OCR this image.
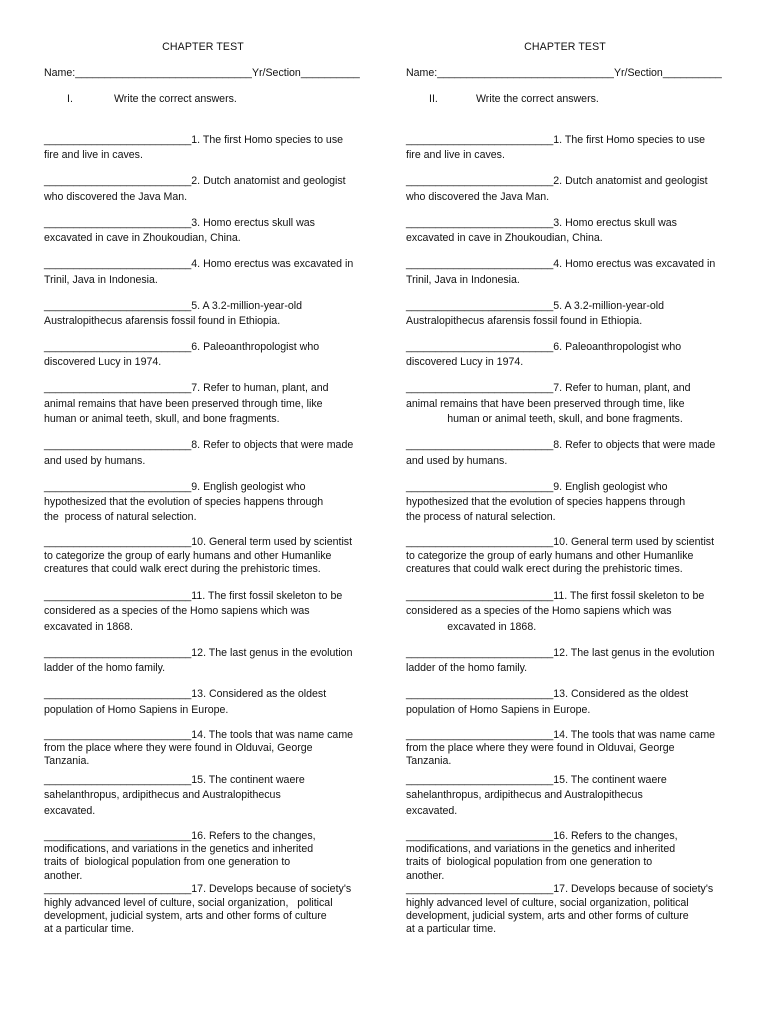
CHAPTER TEST
Name:______________________________Yr/Section__________
I.	Write the correct answers.

_________________________1. The first Homo species to use
fire and live in caves.

_________________________2. Dutch anatomist and geologist
who discovered the Java Man.

_________________________3. Homo erectus skull was
excavated in cave in Zhoukoudian, China.

_________________________4. Homo erectus was excavated in
Trinil, Java in Indonesia.

_________________________5. A 3.2-million-year-old
Australopithecus afarensis fossil found in Ethiopia.

_________________________6. Paleoanthropologist who
discovered Lucy in 1974.

_________________________7. Refer to human, plant, and
animal remains that have been preserved through time, like
human or animal teeth, skull, and bone fragments.

_________________________8. Refer to objects that were made
and used by humans.

_________________________9. English geologist who
hypothesized that the evolution of species happens through
the  process of natural selection.

_________________________10. General term used by scientist
to categorize the group of early humans and other Humanlike
creatures that could walk erect during the prehistoric times.

_________________________11. The first fossil skeleton to be
considered as a species of the Homo sapiens which was
excavated in 1868.

_________________________12. The last genus in the evolution
ladder of the homo family.

_________________________13. Considered as the oldest
population of Homo Sapiens in Europe.

_________________________14. The tools that was name came
from the place where they were found in Olduvai, George
Tanzania.

_________________________15. The continent waere
sahelanthropus, ardipithecus and Australopithecus
excavated.

_________________________16. Refers to the changes,
modifications, and variations in the genetics and inherited
traits of  biological population from one generation to
another.

_________________________17. Develops because of society's
highly advanced level of culture, social organization,   political
development, judicial system, arts and other forms of culture
at a particular time.

CHAPTER TEST
Name:______________________________Yr/Section__________
II.	Write the correct answers.

_________________________1. The first Homo species to use
fire and live in caves.

_________________________2. Dutch anatomist and geologist
who discovered the Java Man.

_________________________3. Homo erectus skull was
excavated in cave in Zhoukoudian, China.

_________________________4. Homo erectus was excavated in
Trinil, Java in Indonesia.

_________________________5. A 3.2-million-year-old
Australopithecus afarensis fossil found in Ethiopia.

_________________________6. Paleoanthropologist who
discovered Lucy in 1974.

_________________________7. Refer to human, plant, and
animal remains that have been preserved through time, like
human or animal teeth, skull, and bone fragments.

_________________________8. Refer to objects that were made
and used by humans.

_________________________9. English geologist who
hypothesized that the evolution of species happens through
the process of natural selection.

_________________________10. General term used by scientist
to categorize the group of early humans and other Humanlike
creatures that could walk erect during the prehistoric times.

_________________________11. The first fossil skeleton to be
considered as a species of the Homo sapiens which was
excavated in 1868.

_________________________12. The last genus in the evolution
ladder of the homo family.

_________________________13. Considered as the oldest
population of Homo Sapiens in Europe.

_________________________14. The tools that was name came
from the place where they were found in Olduvai, George
Tanzania.

_________________________15. The continent waere
sahelanthropus, ardipithecus and Australopithecus
excavated.

_________________________16. Refers to the changes,
modifications, and variations in the genetics and inherited
traits of  biological population from one generation to
another.

_________________________17. Develops because of society's
highly advanced level of culture, social organization, political
development, judicial system, arts and other forms of culture
at a particular time.
